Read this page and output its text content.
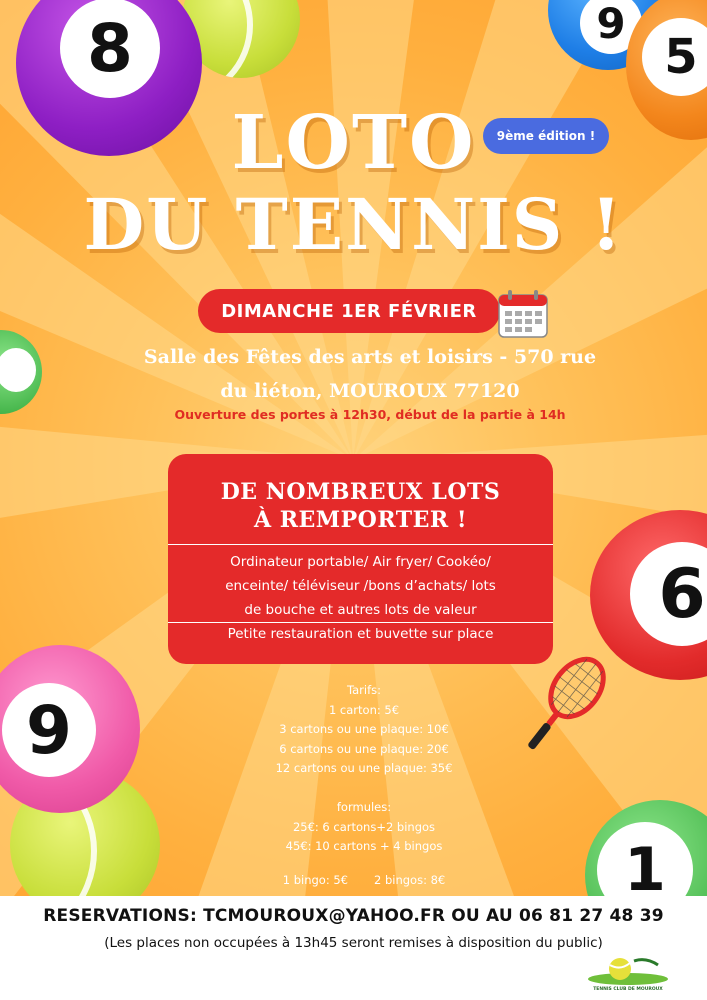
8	9
5
6
9
1
LOTO
DU TENNIS !
9ème édition !
DIMANCHE 1ER FÉVRIER
Salle des Fêtes des arts et loisirs - 570 rue
du liéton, MOUROUX 77120
Ouverture des portes à 12h30, début de la partie à 14h
DE NOMBREUX LOTS
À REMPORTER !
Ordinateur portable/ Air fryer/ Cookéo/
enceinte/ téléviseur /bons d’achats/ lots
de bouche et autres lots de valeur
Petite restauration et buvette sur place
Tarifs:
1 carton: 5€
3 cartons ou une plaque: 10€
6 cartons ou une plaque: 20€
12 cartons ou une plaque: 35€
formules:
25€: 6 cartons+2 bingos
45€: 10 cartons + 4 bingos
1 bingo: 5€ 2 bingos: 8€
RESERVATIONS: TCMOUROUX@YAHOO.FR OU AU 06 81 27 48 39
(Les places non occupées à 13h45 seront remises à disposition du public)
TENNIS CLUB DE MOUROUX
